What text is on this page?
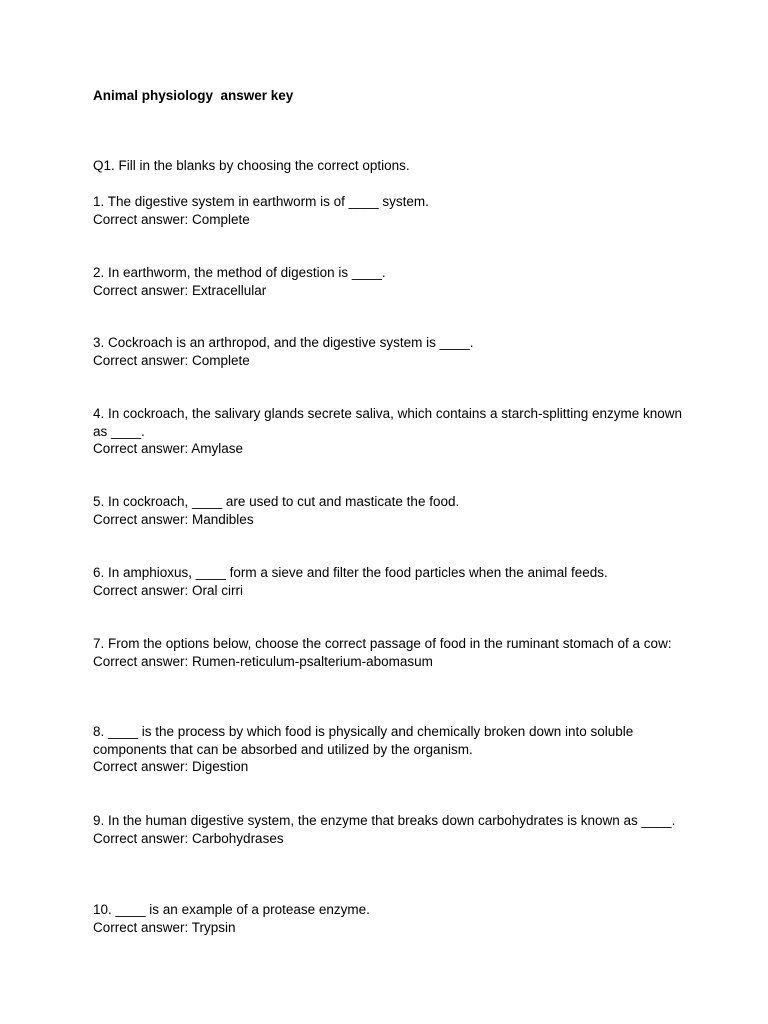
Animal physiology  answer key
Q1. Fill in the blanks by choosing the correct options.
1. The digestive system in earthworm is of ____ system.
Correct answer: Complete
2. In earthworm, the method of digestion is ____.
Correct answer: Extracellular
3. Cockroach is an arthropod, and the digestive system is ____.
Correct answer: Complete
4. In cockroach, the salivary glands secrete saliva, which contains a starch-splitting enzyme known as ____.
Correct answer: Amylase
5. In cockroach, ____ are used to cut and masticate the food.
Correct answer: Mandibles
6. In amphioxus, ____ form a sieve and filter the food particles when the animal feeds.
Correct answer: Oral cirri
7. From the options below, choose the correct passage of food in the ruminant stomach of a cow:
Correct answer: Rumen-reticulum-psalterium-abomasum
8. ____ is the process by which food is physically and chemically broken down into soluble components that can be absorbed and utilized by the organism.
Correct answer: Digestion
9. In the human digestive system, the enzyme that breaks down carbohydrates is known as ____.
Correct answer: Carbohydrases
10. ____ is an example of a protease enzyme.
Correct answer: Trypsin
